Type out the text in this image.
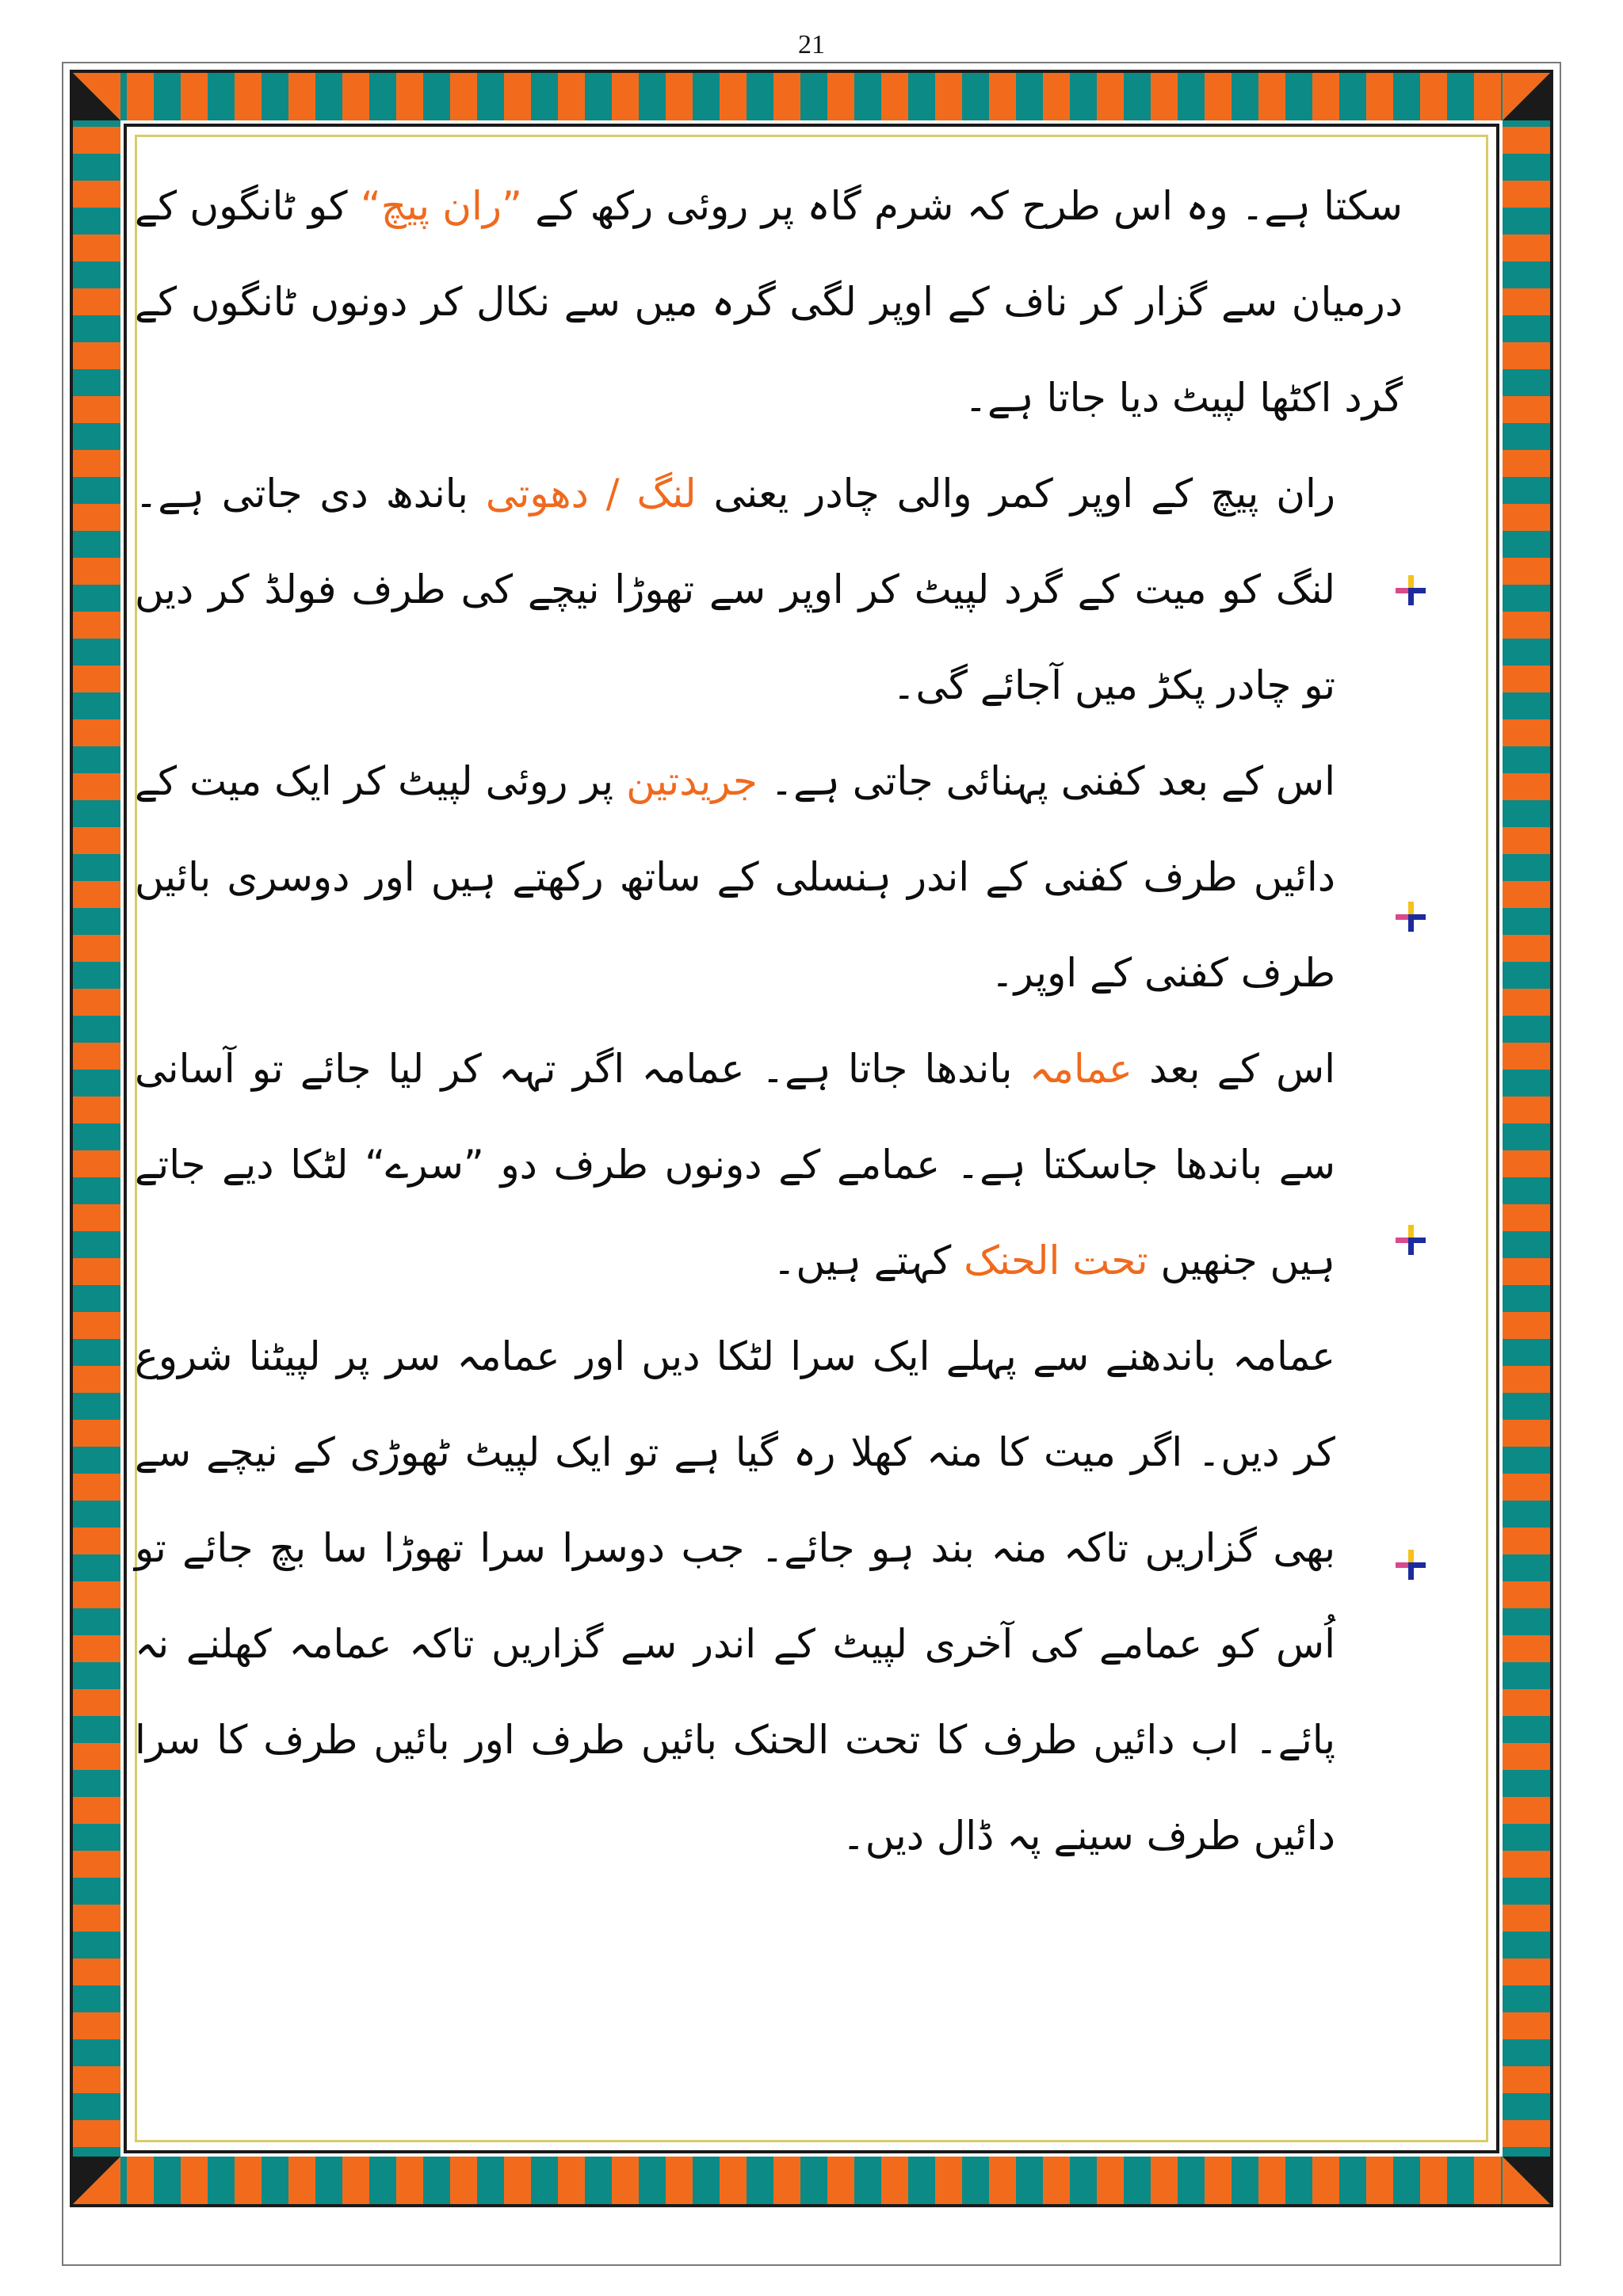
21

سکتا ہے۔ وہ اس طرح کہ شرم گاہ پر روئی رکھ کے ”ران پیچ“ کو ٹانگوں کے درمیان سے گزار کر ناف کے اوپر لگی گرہ میں سے نکال کر دونوں ٹانگوں کے گرد اکٹھا لپیٹ دیا جاتا ہے۔

ران پیچ کے اوپر کمر والی چادر یعنی لنگ / دھوتی باندھ دی جاتی ہے۔ لنگ کو میت کے گرد لپیٹ کر اوپر سے تھوڑا نیچے کی طرف فولڈ کر دیں تو چادر پکڑ میں آجائے گی۔

اس کے بعد کفنی پہنائی جاتی ہے۔ جریدتین پر روئی لپیٹ کر ایک میت کے دائیں طرف کفنی کے اندر ہنسلی کے ساتھ رکھتے ہیں اور دوسری بائیں طرف کفنی کے اوپر۔

اس کے بعد عمامہ باندھا جاتا ہے۔ عمامہ اگر تہہ کر لیا جائے تو آسانی سے باندھا جاسکتا ہے۔ عمامے کے دونوں طرف دو ”سرے“ لٹکا دیے جاتے ہیں جنھیں تحت الحنک کہتے ہیں۔

عمامہ باندھنے سے پہلے ایک سرا لٹکا دیں اور عمامہ سر پر لپیٹنا شروع کر دیں۔ اگر میت کا منہ کھلا رہ گیا ہے تو ایک لپیٹ ٹھوڑی کے نیچے سے بھی گزاریں تاکہ منہ بند ہو جائے۔ جب دوسرا سرا تھوڑا سا بچ جائے تو اُس کو عمامے کی آخری لپیٹ کے اندر سے گزاریں تاکہ عمامہ کھلنے نہ پائے۔ اب دائیں طرف کا تحت الحنک بائیں طرف اور بائیں طرف کا سرا دائیں طرف سینے پہ ڈال دیں۔
